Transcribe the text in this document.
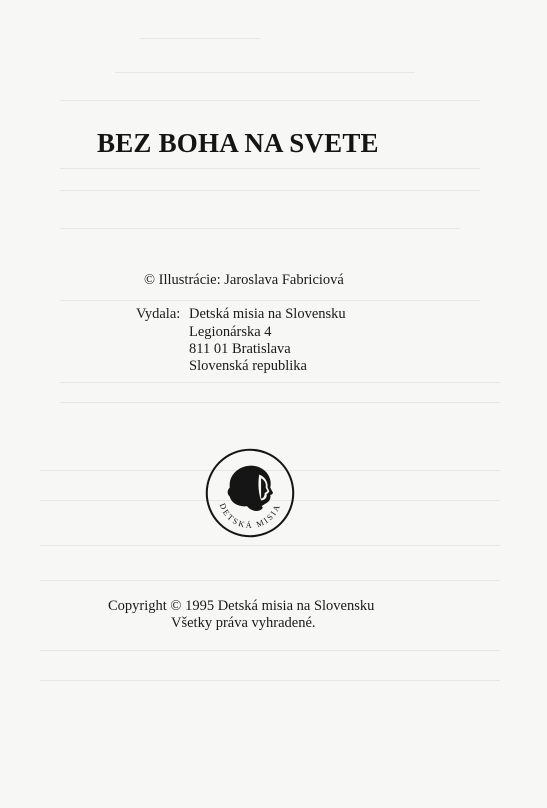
BEZ BOHA NA SVETE
© Illustrácie: Jaroslava Fabriciová
Vydala: Detská misia na Slovensku
Legionárska 4
811 01 Bratislava
Slovenská republika
DETSKÁ MISIA
Copyright © 1995 Detská misia na Slovensku
Všetky práva vyhradené.
